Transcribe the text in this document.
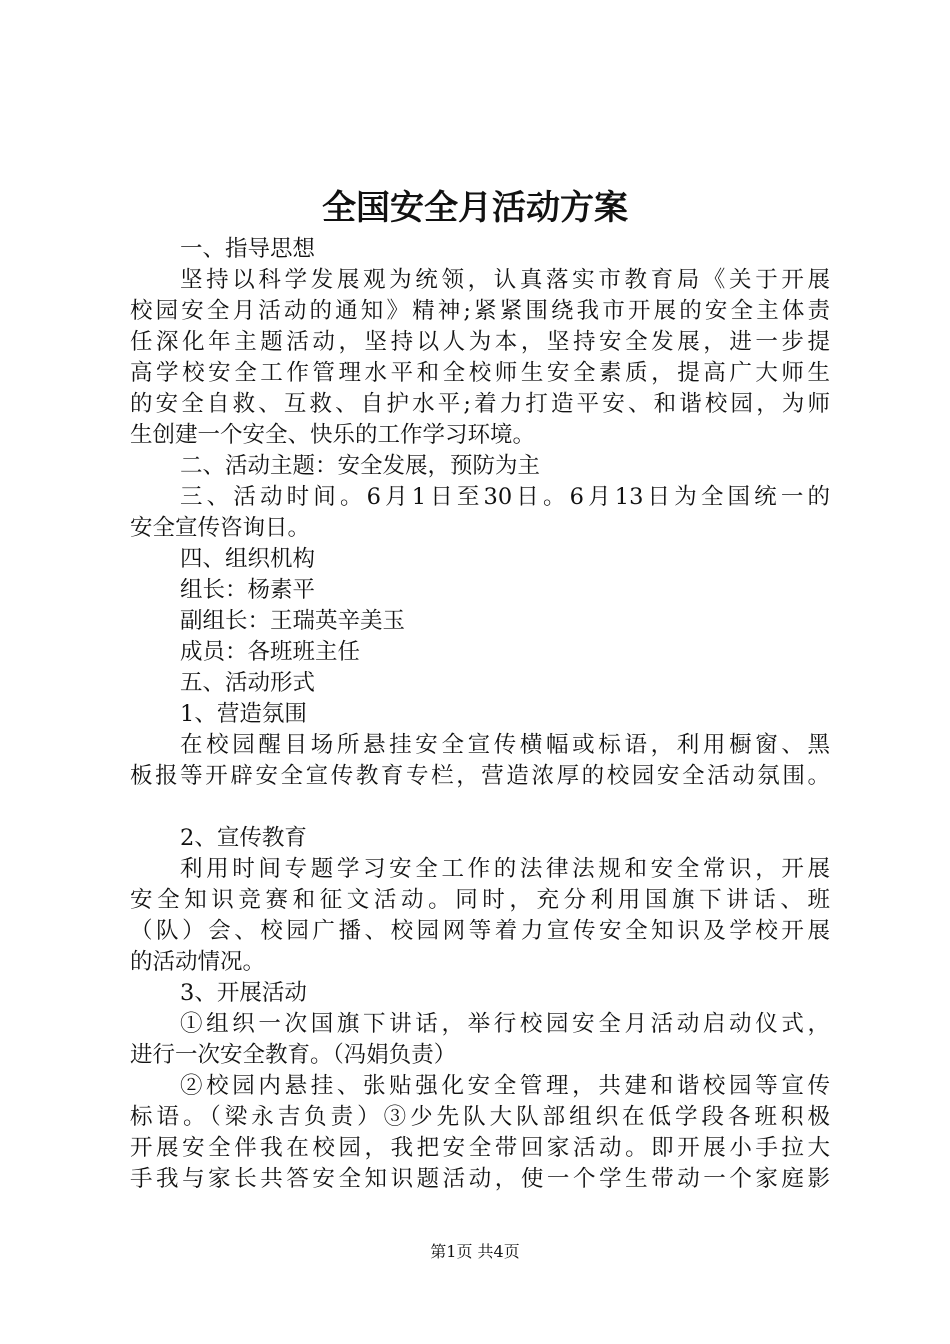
全国安全月活动方案
一、指导思想
坚持以科学发展观为统领，认真落实市教育局《关于开展
校园安全月活动的通知》精神;紧紧围绕我市开展的安全主体责
任深化年主题活动，坚持以人为本，坚持安全发展，进一步提
高学校安全工作管理水平和全校师生安全素质，提高广大师生
的安全自救、互救、自护水平;着力打造平安、和谐校园，为师
生创建一个安全、快乐的工作学习环境。
二、活动主题：安全发展，预防为主
三、活动时间。6月1日至30日。6月13日为全国统一的
安全宣传咨询日。
四、组织机构
组长：杨素平
副组长：王瑞英辛美玉
成员：各班班主任
五、活动形式
1、营造氛围
在校园醒目场所悬挂安全宣传横幅或标语，利用橱窗、黑
板报等开辟安全宣传教育专栏，营造浓厚的校园安全活动氛围。
2、宣传教育
利用时间专题学习安全工作的法律法规和安全常识，开展
安全知识竞赛和征文活动。同时，充分利用国旗下讲话、班
（队）会、校园广播、校园网等着力宣传安全知识及学校开展
的活动情况。
3、开展活动
①组织一次国旗下讲话，举行校园安全月活动启动仪式，
进行一次安全教育。（冯娟负责）
②校园内悬挂、张贴强化安全管理，共建和谐校园等宣传
标语。（梁永吉负责）③少先队大队部组织在低学段各班积极
开展安全伴我在校园，我把安全带回家活动。即开展小手拉大
手我与家长共答安全知识题活动，使一个学生带动一个家庭影
第1页 共4页
